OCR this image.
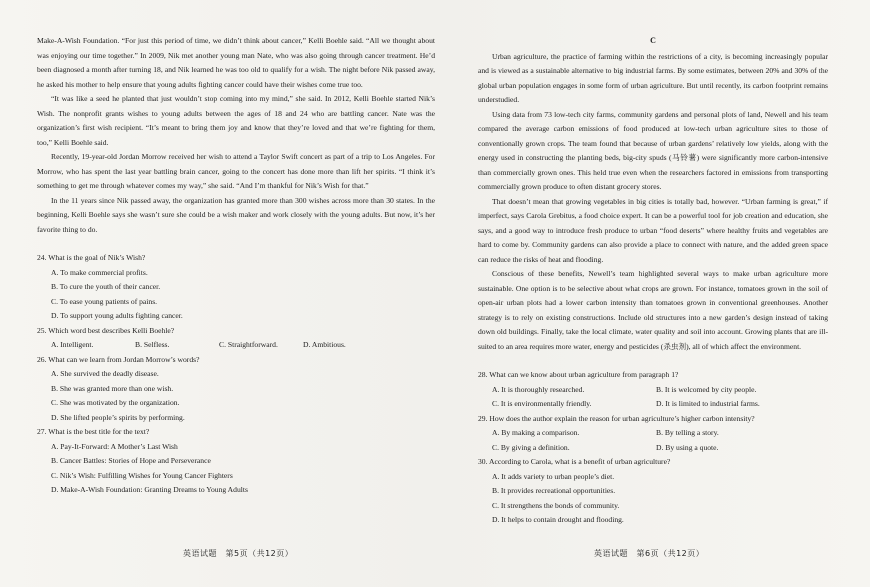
Make-A-Wish Foundation. “For just this period of time, we didn’t think about cancer,” Kelli Boehle said. “All we thought about was enjoying our time together.” In 2009, Nik met another young man Nate, who was also going through cancer treatment. He’d been diagnosed a month after turning 18, and Nik learned he was too old to qualify for a wish. The night before Nik passed away, he asked his mother to help ensure that young adults fighting cancer could have their wishes come true too.

“It was like a seed he planted that just wouldn’t stop coming into my mind,” she said. In 2012, Kelli Boehle started Nik’s Wish. The nonprofit grants wishes to young adults between the ages of 18 and 24 who are battling cancer. Nate was the organization’s first wish recipient. “It’s meant to bring them joy and know that they’re loved and that we’re fighting for them, too,” Kelli Boehle said.

Recently, 19-year-old Jordan Morrow received her wish to attend a Taylor Swift concert as part of a trip to Los Angeles. For Morrow, who has spent the last year battling brain cancer, going to the concert has done more than lift her spirits. “I think it’s something to get me through whatever comes my way,” she said. “And I’m thankful for Nik’s Wish for that.”

In the 11 years since Nik passed away, the organization has granted more than 300 wishes across more than 30 states. In the beginning, Kelli Boehle says she wasn’t sure she could be a wish maker and work closely with the young adults. But now, it’s her favorite thing to do.

24. What is the goal of Nik’s Wish?

A. To make commercial profits.

B. To cure the youth of their cancer.

C. To ease young patients of pains.

D. To support young adults fighting cancer.

25. Which word best describes Kelli Boehle?

A. Intelligent.	B. Selfless.	C. Straightforward.	D. Ambitious.

26. What can we learn from Jordan Morrow’s words?

A. She survived the deadly disease.

B. She was granted more than one wish.

C. She was motivated by the organization.

D. She lifted people’s spirits by performing.

27. What is the best title for the text?

A. Pay-It-Forward: A Mother’s Last Wish

B. Cancer Battles: Stories of Hope and Perseverance

C. Nik’s Wish: Fulfilling Wishes for Young Cancer Fighters

D. Make-A-Wish Foundation: Granting Dreams to Young Adults

C

Urban agriculture, the practice of farming within the restrictions of a city, is becoming increasingly popular and is viewed as a sustainable alternative to big industrial farms. By some estimates, between 20% and 30% of the global urban population engages in some form of urban agriculture. But until recently, its carbon footprint remains understudied.

Using data from 73 low-tech city farms, community gardens and personal plots of land, Newell and his team compared the average carbon emissions of food produced at low-tech urban agriculture sites to those of conventionally grown crops. The team found that because of urban gardens’ relatively low yields, along with the energy used in constructing the planting beds, big-city spuds (马铃薯) were significantly more carbon-intensive than commercially grown ones. This held true even when the researchers factored in emissions from transporting commercially grown produce to often distant grocery stores.

That doesn’t mean that growing vegetables in big cities is totally bad, however. “Urban farming is great,” if imperfect, says Carola Grebitus, a food choice expert. It can be a powerful tool for job creation and education, she says, and a good way to introduce fresh produce to urban “food deserts” where healthy fruits and vegetables are hard to come by. Community gardens can also provide a place to connect with nature, and the added green space can reduce the risks of heat and flooding.

Conscious of these benefits, Newell’s team highlighted several ways to make urban agriculture more sustainable. One option is to be selective about what crops are grown. For instance, tomatoes grown in the soil of open-air urban plots had a lower carbon intensity than tomatoes grown in conventional greenhouses. Another strategy is to rely on existing constructions. Include old structures into a new garden’s design instead of taking down old buildings. Finally, take the local climate, water quality and soil into account. Growing plants that are ill-suited to an area requires more water, energy and pesticides (杀虫剂), all of which affect the environment.

28. What can we know about urban agriculture from paragraph 1?

A. It is thoroughly researched.	B. It is welcomed by city people.
C. It is environmentally friendly.	D. It is limited to industrial farms.

29. How does the author explain the reason for urban agriculture’s higher carbon intensity?

A. By making a comparison.	B. By telling a story.
C. By giving a definition.	D. By using a quote.

30. According to Carola, what is a benefit of urban agriculture?

A. It adds variety to urban people’s diet.

B. It provides recreational opportunities.

C. It strengthens the bonds of community.

D. It helps to contain drought and flooding.

英语试题　第5页（共12页）	英语试题　第6页（共12页）
